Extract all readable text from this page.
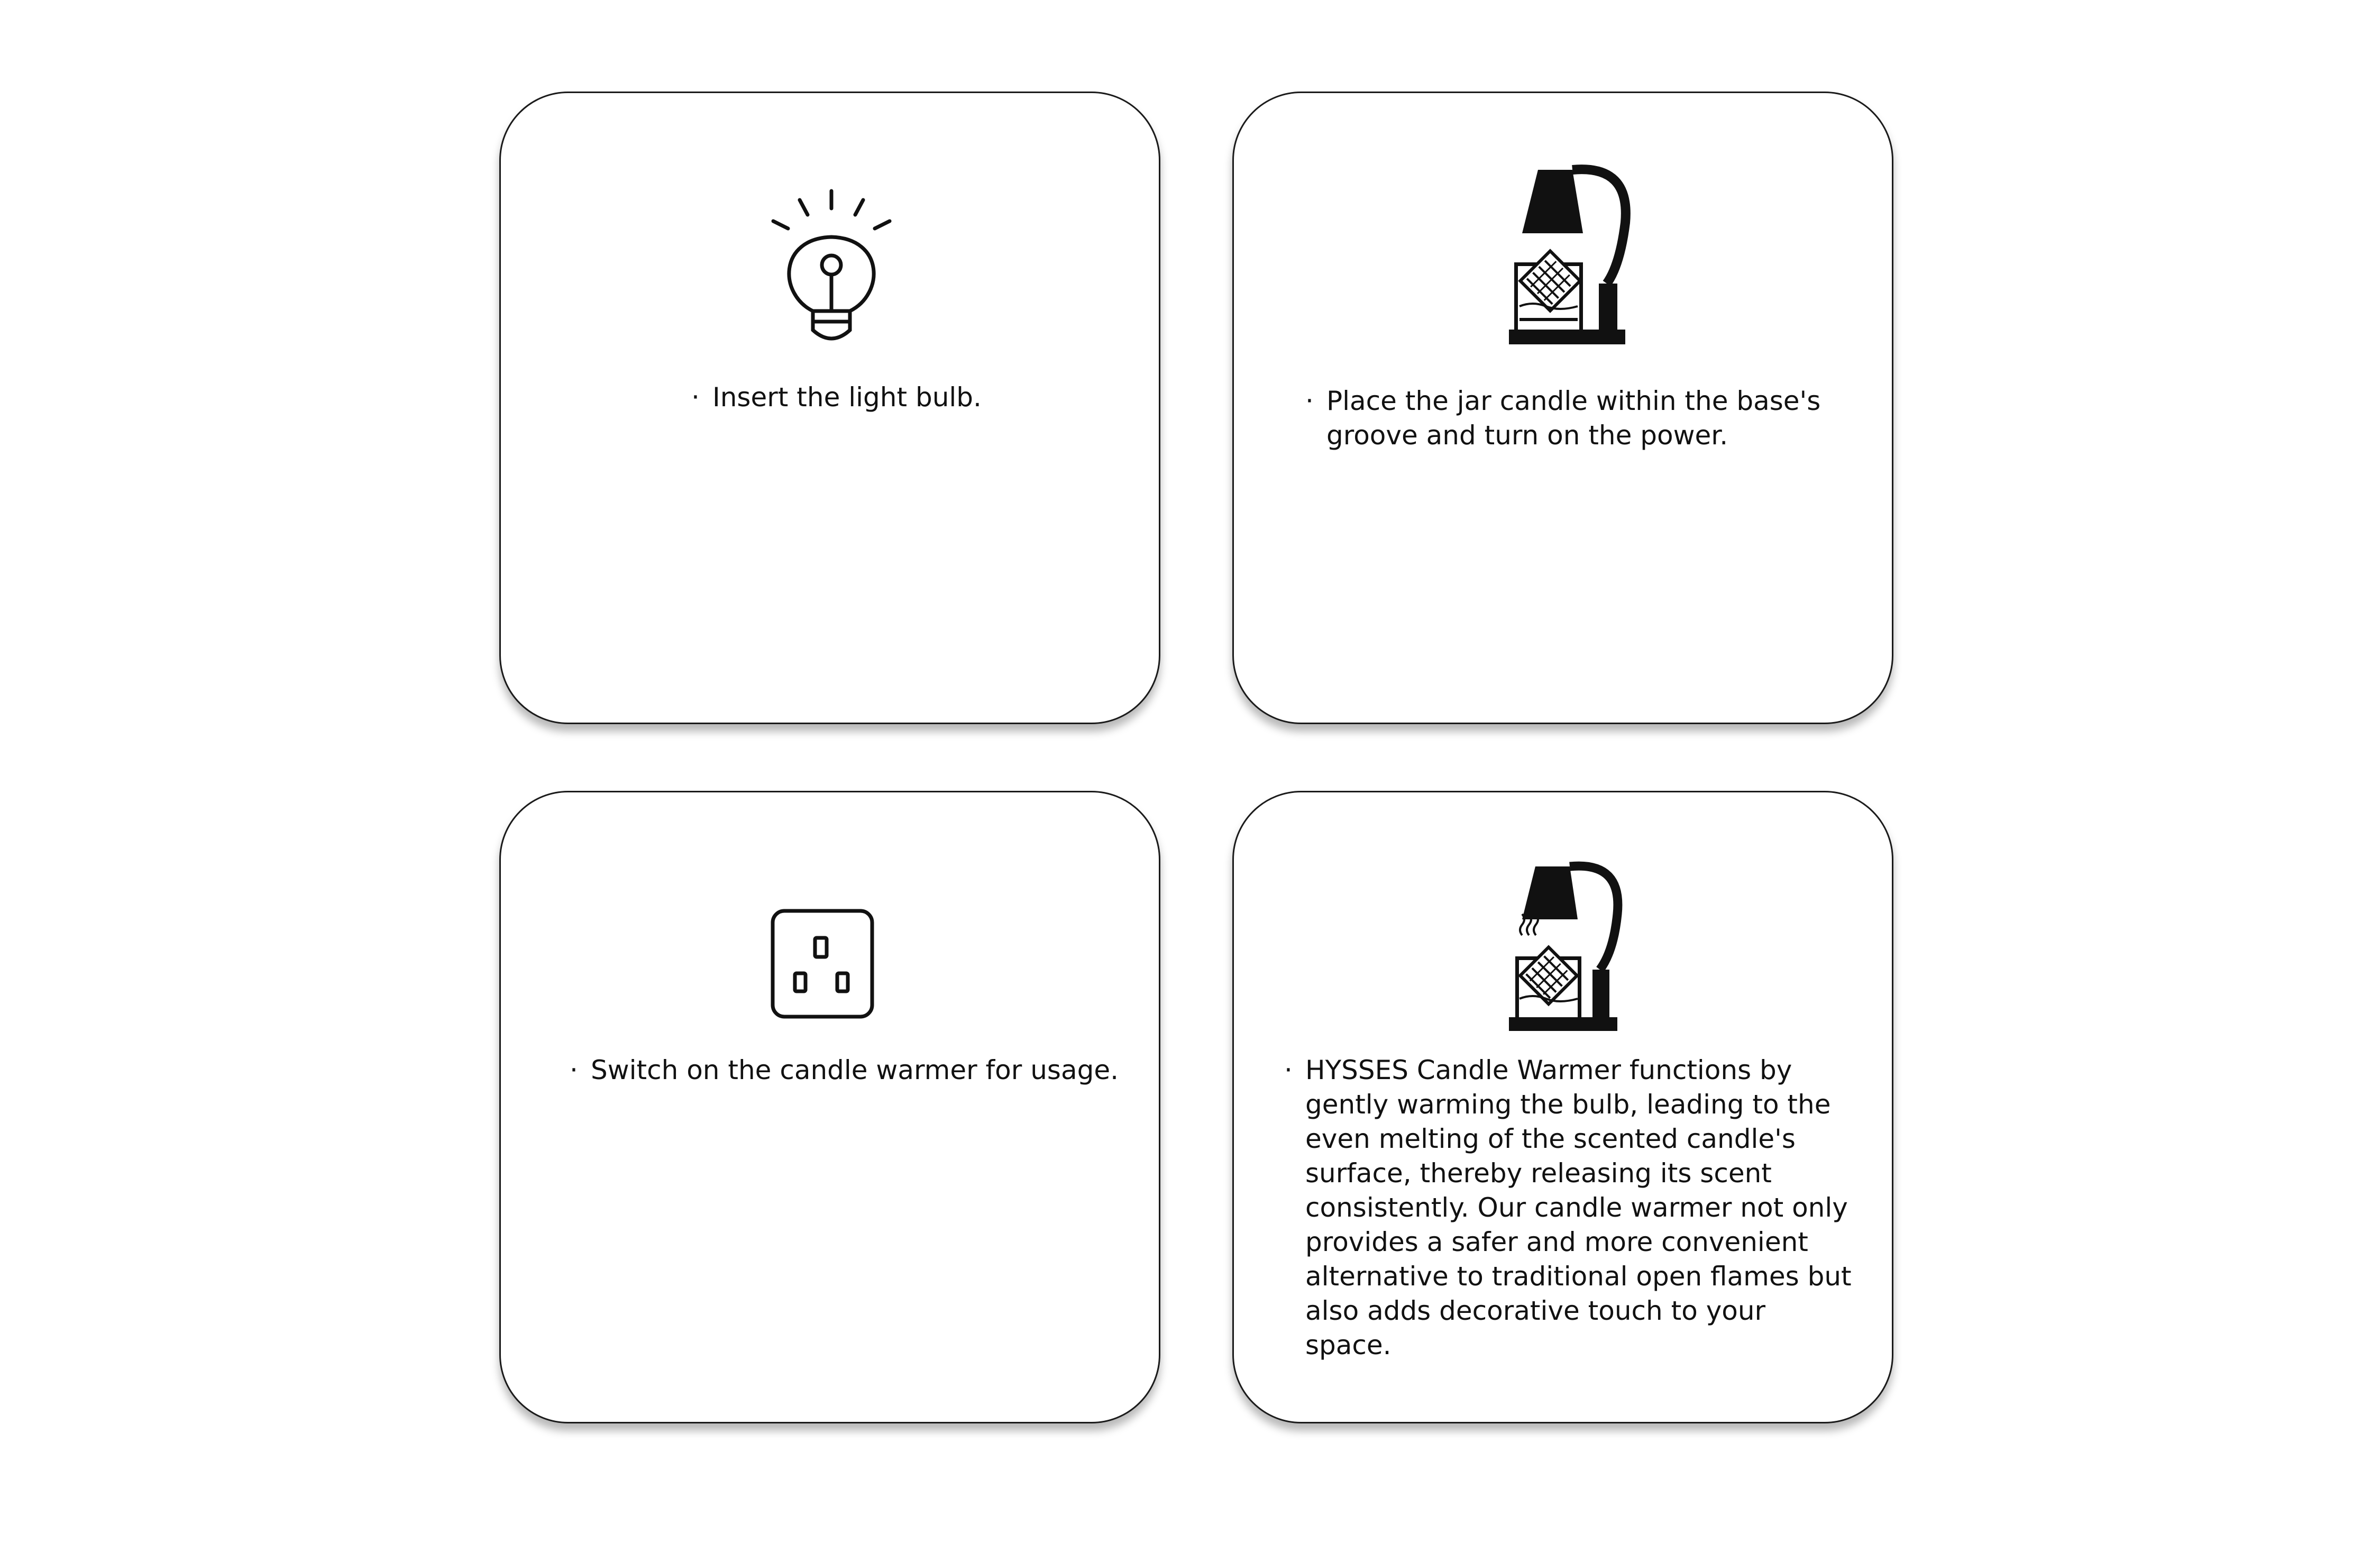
· Insert the light bulb.	· Place the jar candle within the base's groove and turn on the power.
· Switch on the candle warmer for usage.	· HYSSES Candle Warmer functions by gently warming the bulb, leading to the even melting of the scented candle's surface, thereby releasing its scent consistently. Our candle warmer not only provides a safer and more convenient alternative to traditional open flames but also adds decorative touch to your space.
